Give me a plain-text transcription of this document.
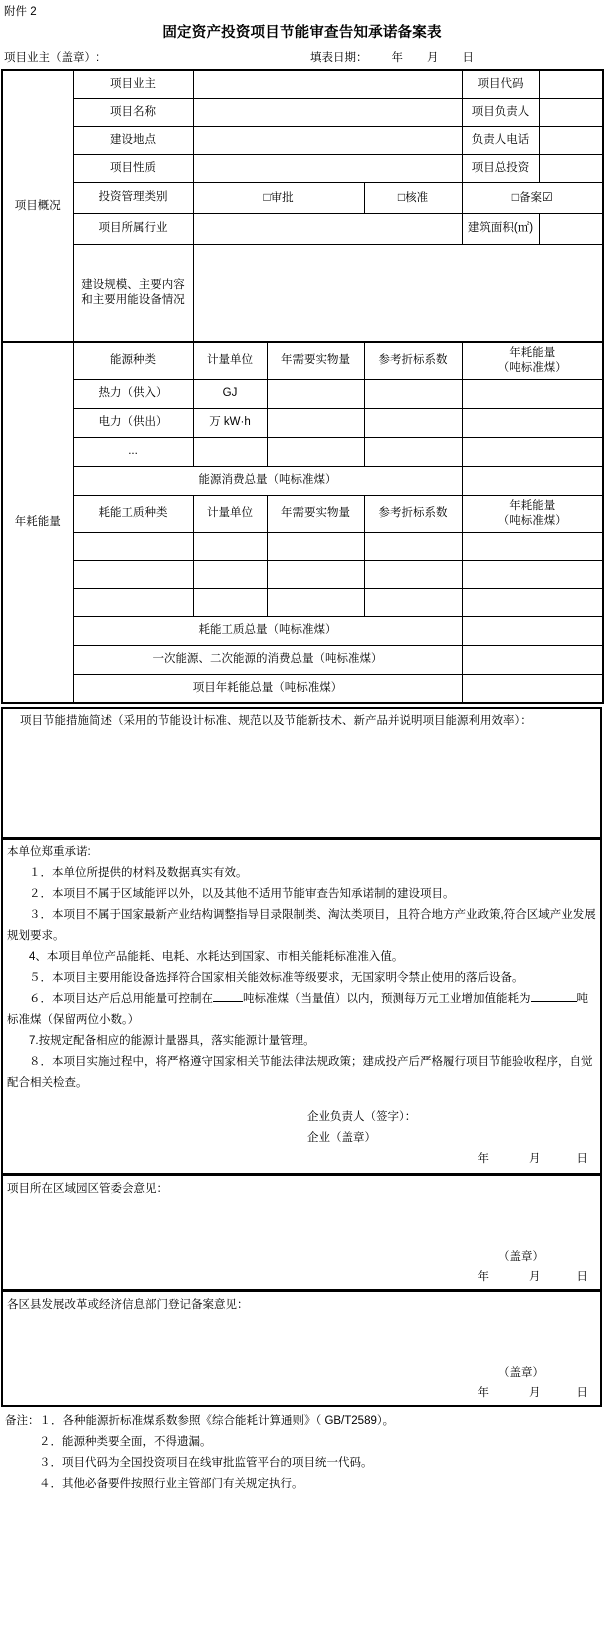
附件 2
固定资产投资项目节能审查告知承诺备案表
项目业主（盖章）:	填表日期： 年 月 日
项目概况	项目业主			项目代码	
	项目名称			项目负责人	
	建设地点			负责人电话	
	项目性质			项目总投资	
	投资管理类别	□审批	□核准	□备案☑	
	项目所属行业			建筑面积(㎡)	
	建设规模、主要内容
和主要用能设备情况				
年耗能量	能源种类	计量单位	年需要实物量	参考折标系数	年耗能量
（吨标准煤）
	热力（供入）	GJ			
	电力（供出）	万 kW·h			
	...				
	能源消费总量（吨标准煤）				
	耗能工质种类	计量单位	年需要实物量	参考折标系数	年耗能量
（吨标准煤）

	耗能工质总量（吨标准煤）				
	一次能源、二次能源的消费总量（吨标准煤）				
	项目年耗能总量（吨标准煤）				
项目节能措施简述（采用的节能设计标准、规范以及节能新技术、新产品并说明项目能源利用效率）：

本单位郑重承诺:

１．本单位所提供的材料及数据真实有效。

２．本项目不属于区域能评以外，以及其他不适用节能审查告知承诺制的建设项目。

３．本项目不属于国家最新产业结构调整指导目录限制类、淘汰类项目，且符合地方产业政策,符合区域产业发展规划要求。

4、本项目单位产品能耗、电耗、水耗达到国家、市相关能耗标准准入值。

５．本项目主要用能设备选择符合国家相关能效标准等级要求，无国家明令禁止使用的落后设备。

６．本项目达产后总用能量可控制在	吨标准煤（当量值）以内，预测每万元工业增加值能耗为	吨标准煤（保留两位小数。）

7.按规定配备相应的能源计量器具，落实能源计量管理。

８．本项目实施过程中，将严格遵守国家相关节能法律法规政策；建成投产后严格履行项目节能验收程序，自觉配合相关检查。

企业负责人（签字）：
企业（盖章）
年	月	日
项目所在区域园区管委会意见：
（盖章）
年	月	日
各区县发展改革或经济信息部门登记备案意见：
（盖章）
年	月	日
备注：１．各种能源折标准煤系数参照《综合能耗计算通则》（ GB/T2589）。
２．能源种类要全面，不得遗漏。
３．项目代码为全国投资项目在线审批监管平台的项目统一代码。
４．其他必备要件按照行业主管部门有关规定执行。
